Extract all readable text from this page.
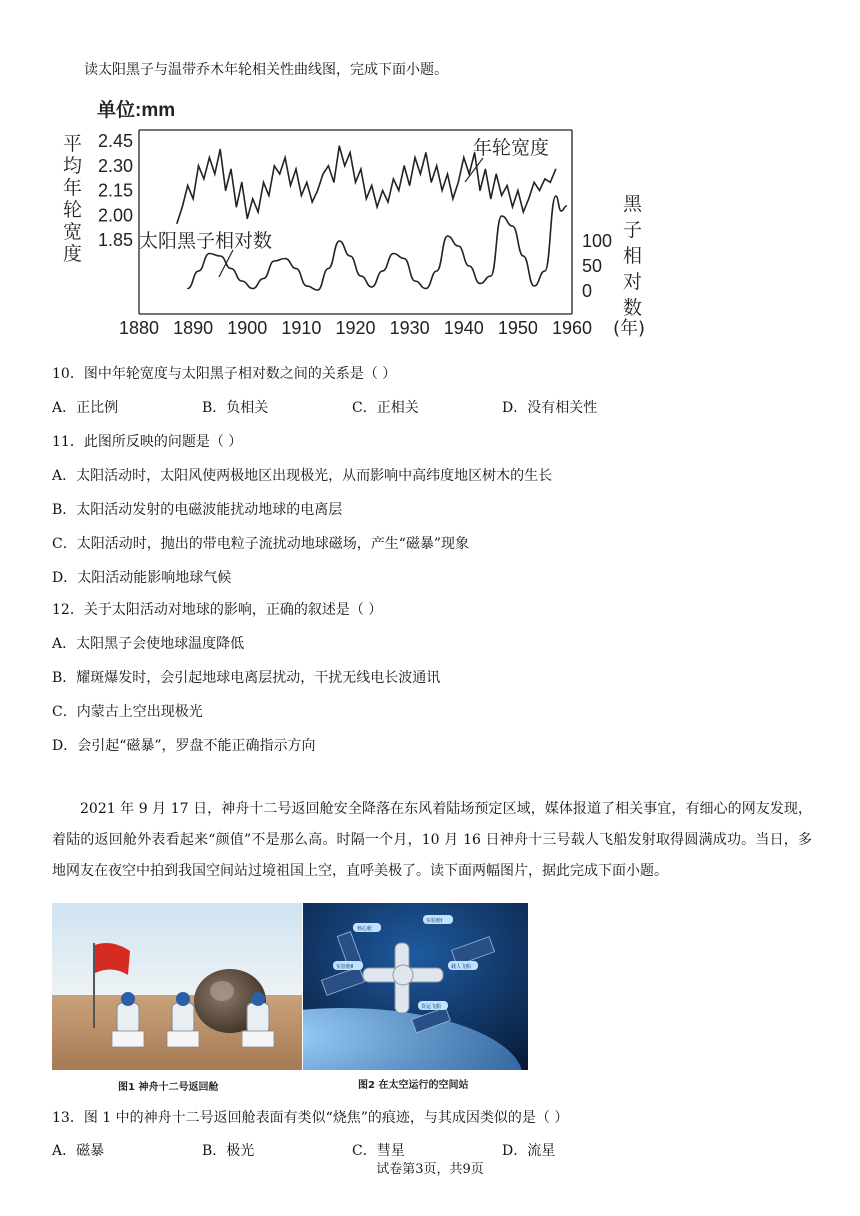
读太阳黑子与温带乔木年轮相关性曲线图，完成下面小题。
单位:mm
平
均
年
轮
宽
度
黑
子
相
对
数
1880 1890 1900 1910 1920 1930 1940 1950 1960 (年)
2.45
2.30
2.15
2.00
1.85	100
50
0
年轮宽度
太阳黑子相对数
10．图中年轮宽度与太阳黑子相对数之间的关系是（ ）
A．正比例	B．负相关	C．正相关	D．没有相关性
11．此图所反映的问题是（ ）
A．太阳活动时，太阳风使两极地区出现极光，从而影响中高纬度地区树木的生长
B．太阳活动发射的电磁波能扰动地球的电离层
C．太阳活动时，抛出的带电粒子流扰动地球磁场，产生“磁暴”现象
D．太阳活动能影响地球气候
12．关于太阳活动对地球的影响，正确的叙述是（ ）
A．太阳黑子会使地球温度降低
B．耀斑爆发时，会引起地球电离层扰动，干扰无线电长波通讯
C．内蒙古上空出现极光
D．会引起“磁暴”，罗盘不能正确指示方向
2021 年 9 月 17 日，神舟十二号返回舱安全降落在东风着陆场预定区域，媒体报道了相关事宜，有细心的网友发现，着陆的返回舱外表看起来“颜值”不是那么高。时隔一个月，10 月 16 日神舟十三号载人飞船发射取得圆满成功。当日，多地网友在夜空中拍到我国空间站过境祖国上空，直呼美极了。读下面两幅图片，据此完成下面小题。
图1 神舟十二号返回舱
核心舱
实验舱Ⅰ
实验舱Ⅱ	载人飞船
货运飞船
图2 在太空运行的空间站
13．图 1 中的神舟十二号返回舱表面有类似“烧焦”的痕迹，与其成因类似的是（ ）
A．磁暴	B．极光	C．彗星	D．流星
试卷第3页，共9页
